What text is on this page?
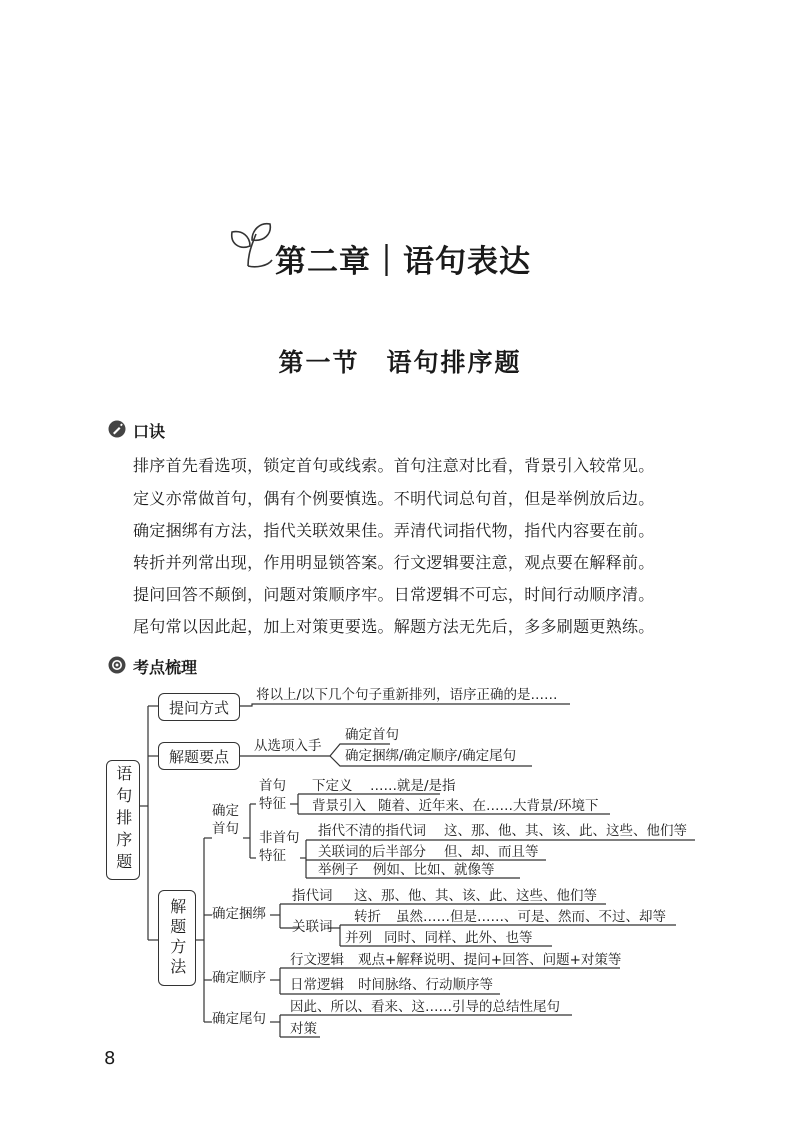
第二章｜语句表达
第一节　语句排序题
口诀
排序首先看选项，锁定首句或线索。首句注意对比看，背景引入较常见。
定义亦常做首句，偶有个例要慎选。不明代词总句首，但是举例放后边。
确定捆绑有方法，指代关联效果佳。弄清代词指代物，指代内容要在前。
转折并列常出现，作用明显锁答案。行文逻辑要注意，观点要在解释前。
提问回答不颠倒，问题对策顺序牢。日常逻辑不可忘，时间行动顺序清。
尾句常以因此起，加上对策更要选。解题方法无先后，多多刷题更熟练。
考点梳理
语句排序题
提问方式
解题要点
解题方法
将以上/以下几个句子重新排列，语序正确的是……
从选项入手
确定首句
确定捆绑/确定顺序/确定尾句
确定首句
首句特征
下定义 ……就是/是指
背景引入 随着、近年来、在……大背景/环境下
非首句特征
指代不清的指代词 这、那、他、其、该、此、这些、他们等
关联词的后半部分 但、却、而且等
举例子 例如、比如、就像等
确定捆绑
指代词 这、那、他、其、该、此、这些、他们等
关联词
转折 虽然……但是……、可是、然而、不过、却等
并列 同时、同样、此外、也等
确定顺序
行文逻辑 观点+解释说明、提问+回答、问题+对策等
日常逻辑 时间脉络、行动顺序等
确定尾句
因此、所以、看来、这……引导的总结性尾句
对策
8
